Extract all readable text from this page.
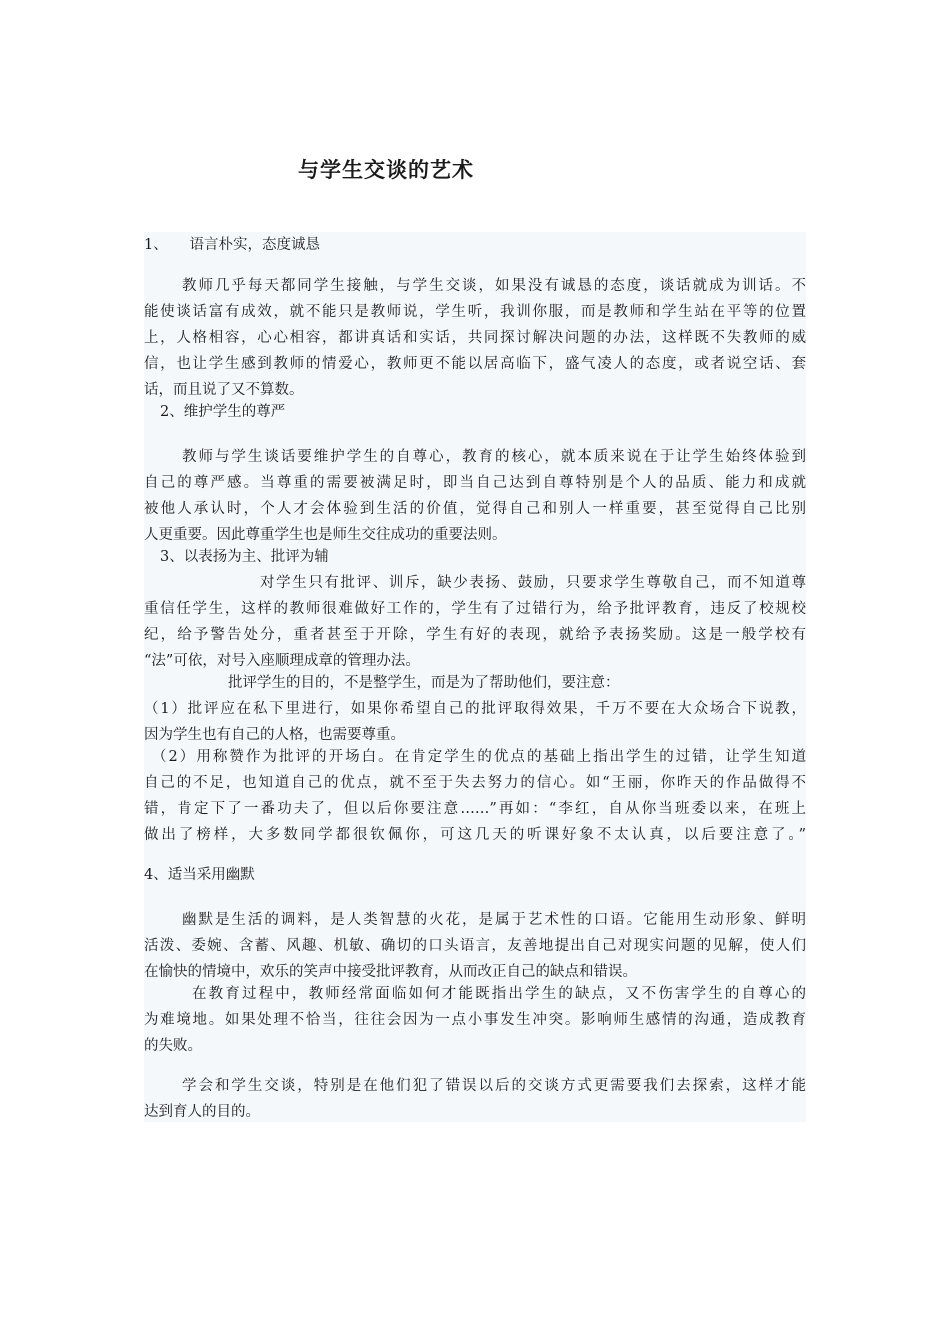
与学生交谈的艺术
1、　　语言朴实，态度诚恳
教师几乎每天都同学生接触，与学生交谈，如果没有诚恳的态度，谈话就成为训话。不
能使谈话富有成效，就不能只是教师说，学生听，我训你服，而是教师和学生站在平等的位置
上，人格相容，心心相容，都讲真话和实话，共同探讨解决问题的办法，这样既不失教师的威
信，也让学生感到教师的情爱心，教师更不能以居高临下，盛气凌人的态度，或者说空话、套
话，而且说了又不算数。
2、维护学生的尊严
教师与学生谈话要维护学生的自尊心，教育的核心，就本质来说在于让学生始终体验到
自己的尊严感。当尊重的需要被满足时，即当自己达到自尊特别是个人的品质、能力和成就
被他人承认时，个人才会体验到生活的价值，觉得自己和别人一样重要，甚至觉得自己比别
人更重要。因此尊重学生也是师生交往成功的重要法则。
3、以表扬为主、批评为辅
对学生只有批评、训斥，缺少表扬、鼓励，只要求学生尊敬自己，而不知道尊
重信任学生，这样的教师很难做好工作的，学生有了过错行为，给予批评教育，违反了校规校
纪，给予警告处分，重者甚至于开除，学生有好的表现，就给予表扬奖励。这是一般学校有
“法”可依，对号入座顺理成章的管理办法。
批评学生的目的，不是整学生，而是为了帮助他们，要注意：
（1）批评应在私下里进行，如果你希望自己的批评取得效果，千万不要在大众场合下说教，
因为学生也有自己的人格，也需要尊重。
（2）用称赞作为批评的开场白。在肯定学生的优点的基础上指出学生的过错，让学生知道
自己的不足，也知道自己的优点，就不至于失去努力的信心。如“王丽，你昨天的作品做得不
错，肯定下了一番功夫了，但以后你要注意……”再如：“李红，自从你当班委以来，在班上
做出了榜样，大多数同学都很钦佩你，可这几天的听课好象不太认真，以后要注意了。”
4、适当采用幽默
幽默是生活的调料，是人类智慧的火花，是属于艺术性的口语。它能用生动形象、鲜明
活泼、委婉、含蓄、风趣、机敏、确切的口头语言，友善地提出自己对现实问题的见解，使人们
在愉快的情境中，欢乐的笑声中接受批评教育，从而改正自己的缺点和错误。
在教育过程中，教师经常面临如何才能既指出学生的缺点，又不伤害学生的自尊心的
为难境地。如果处理不恰当，往往会因为一点小事发生冲突。影响师生感情的沟通，造成教育
的失败。
学会和学生交谈，特别是在他们犯了错误以后的交谈方式更需要我们去探索，这样才能
达到育人的目的。
